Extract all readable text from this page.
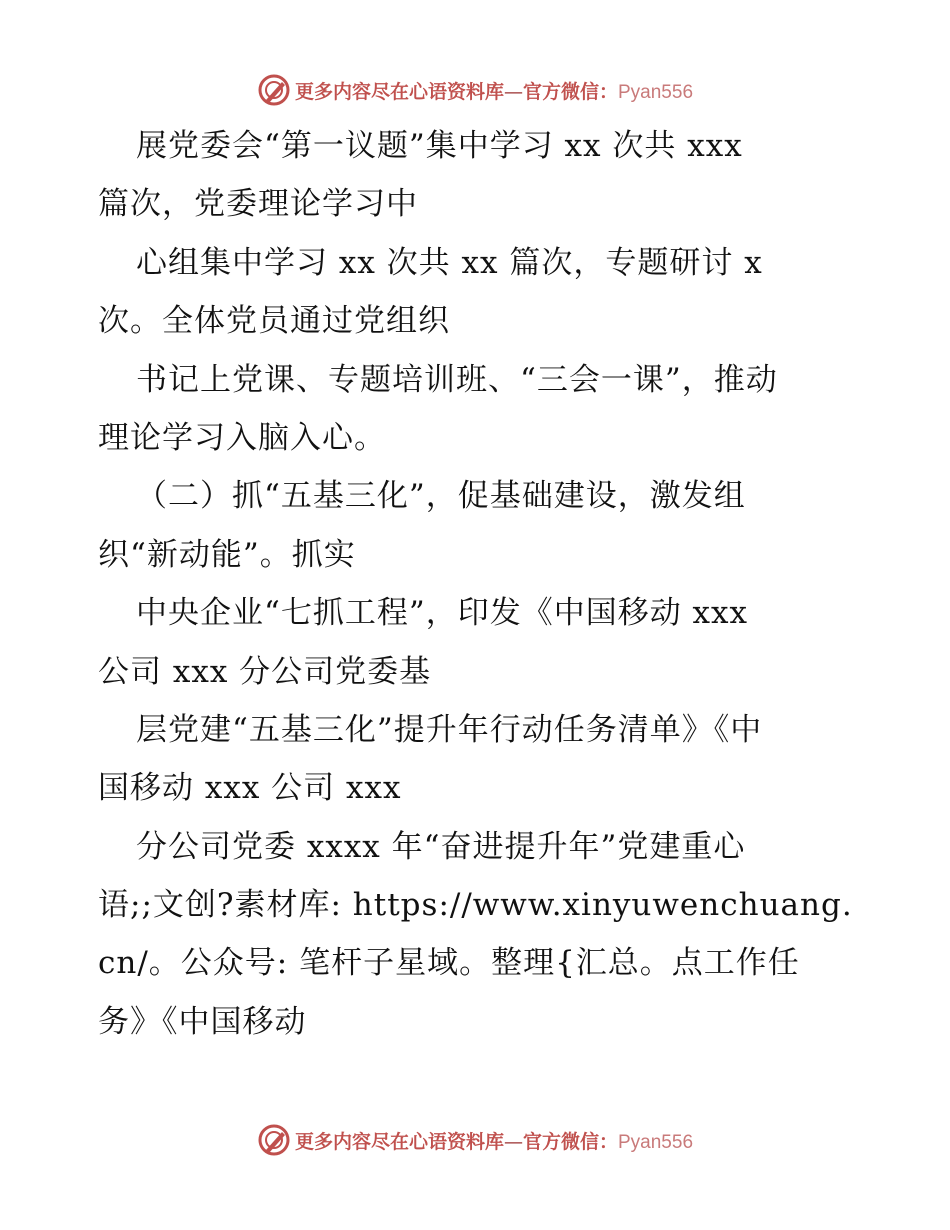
更多内容尽在心语资料库—官方微信：Pyan556
展党委会“第一议题”集中学习 xx 次共 xxx
篇次，党委理论学习中
心组集中学习 xx 次共 xx 篇次，专题研讨 x
次。全体党员通过党组织
书记上党课、专题培训班、“三会一课”，推动
理论学习入脑入心。
（二）抓“五基三化”，促基础建设，激发组
织“新动能”。抓实
中央企业“七抓工程”，印发《中国移动 xxx
公司 xxx 分公司党委基
层党建“五基三化”提升年行动任务清单》《中
国移动 xxx 公司 xxx
分公司党委 xxxx 年“奋进提升年”党建重心
语;;文创?素材库: https://www.xinyuwenchuang.
cn/。公众号: 笔杆子星域。整理{汇总。点工作任
务》《中国移动
更多内容尽在心语资料库—官方微信：Pyan556
